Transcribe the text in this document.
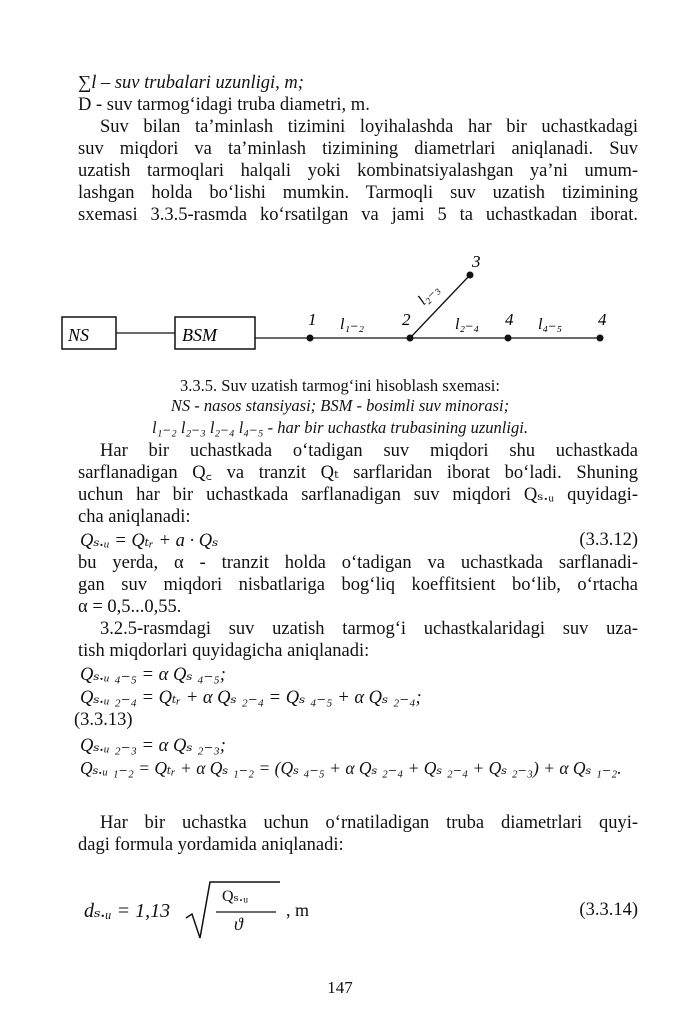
∑l – suv trubalari uzunligi, m;
D - suv tarmog‘idagi truba diametri, m.
Suv bilan ta’minlash tizimini loyihalashda har bir uchastkadagi
suv miqdori va ta’minlash tizimining diametrlari aniqlanadi. Suv
uzatish tarmoqlari halqali yoki kombinatsiyalashgan ya’ni umum-
lashgan holda bo‘lishi mumkin. Tarmoqli suv uzatish tizimining
sxemasi 3.3.5-rasmda ko‘rsatilgan va jami 5 ta uchastkadan iborat.
NS	BSM
1	2
3
4	4
l₁₋₂
l₂₋₃
l₂₋₄	l₄₋₅
3.3.5. Suv uzatish tarmog‘ini hisoblash sxemasi:
NS - nasos stansiyasi; BSM - bosimli suv minorasi;
l₁₋₂ l₂₋₃ l₂₋₄ l₄₋₅ - har bir uchastka trubasining uzunligi.
Har bir uchastkada o‘tadigan suv miqdori shu uchastkada
sarflanadigan Q꜀ va tranzit Qₜ sarflaridan iborat bo‘ladi. Shuning
uchun har bir uchastkada sarflanadigan suv miqdori Qₛ.ᵤ quyidagi-
cha aniqlanadi:
Qₛ.ᵤ = Qₜᵣ + a · Qₛ	(3.3.12)
bu yerda, α - tranzit holda o‘tadigan va uchastkada sarflanadi-
gan suv miqdori nisbatlariga bog‘liq koeffitsient bo‘lib, o‘rtacha
α = 0,5...0,55.
3.2.5-rasmdagi suv uzatish tarmog‘i uchastkalaridagi suv uza-
tish miqdorlari quyidagicha aniqlanadi:
Qₛ.ᵤ ₄₋₅ = α Qₛ ₄₋₅;
Qₛ.ᵤ ₂₋₄ = Qₜᵣ + α Qₛ ₂₋₄ = Qₛ ₄₋₅ + α Qₛ ₂₋₄;
(3.3.13)
Qₛ.ᵤ ₂₋₃ = α Qₛ ₂₋₃;
Qₛ.ᵤ ₁₋₂ = Qₜᵣ + α Qₛ ₁₋₂ = (Qₛ ₄₋₅ + α Qₛ ₂₋₄ + Qₛ ₂₋₄ + Qₛ ₂₋₃) + α Qₛ ₁₋₂.
Har bir uchastka uchun o‘rnatiladigan truba diametrlari quyi-
dagi formula yordamida aniqlanadi:
dₛ.ᵤ = 1,13
Qₛ.ᵤ
ϑ
, m	(3.3.14)
147
